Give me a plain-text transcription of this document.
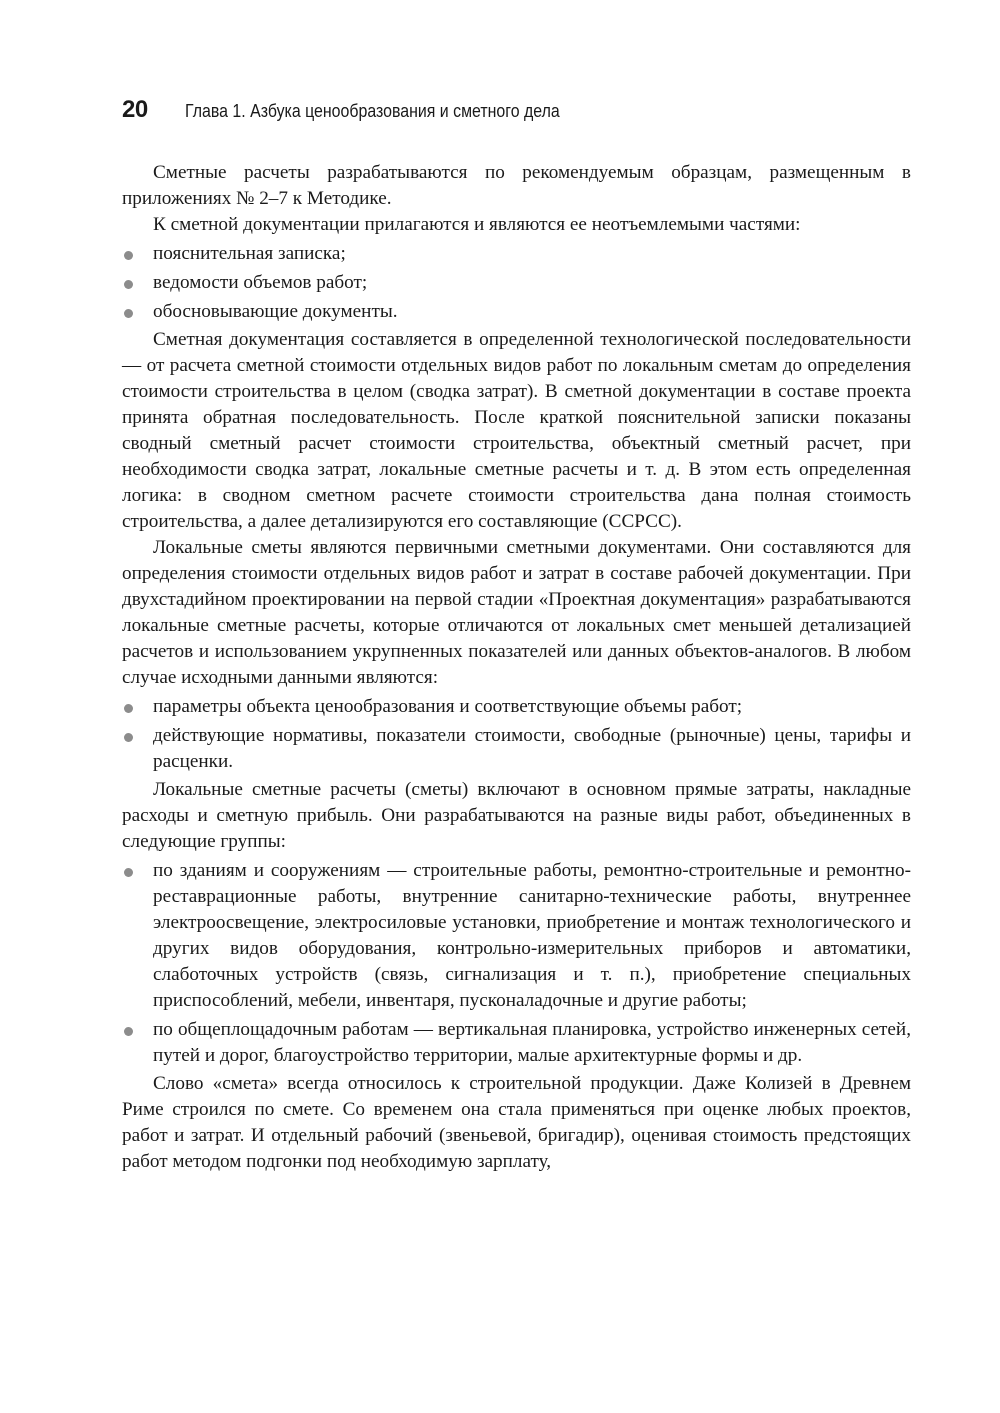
20 Глава 1. Азбука ценообразования и сметного дела

Сметные расчеты разрабатываются по рекомендуемым образцам, размещенным в приложениях № 2–7 к Методике.

К сметной документации прилагаются и являются ее неотъемлемыми частями:

пояснительная записка;
ведомости объемов работ;
обосновывающие документы.

Сметная документация составляется в определенной технологической последовательности — от расчета сметной стоимости отдельных видов работ по локальным сметам до определения стоимости строительства в целом (сводка затрат). В сметной документации в составе проекта принята обратная последовательность. После краткой пояснительной записки показаны сводный сметный расчет стоимости строительства, объектный сметный расчет, при необходимости сводка затрат, локальные сметные расчеты и т. д. В этом есть определенная логика: в сводном сметном расчете стоимости строительства дана полная стоимость строительства, а далее детализируются его составляющие (ССРСС).

Локальные сметы являются первичными сметными документами. Они составляются для определения стоимости отдельных видов работ и затрат в составе рабочей документации. При двухстадийном проектировании на первой стадии «Проектная документация» разрабатываются локальные сметные расчеты, которые отличаются от локальных смет меньшей детализацией расчетов и использованием укрупненных показателей или данных объектов-аналогов. В любом случае исходными данными являются:

параметры объекта ценообразования и соответствующие объемы работ;
действующие нормативы, показатели стоимости, свободные (рыночные) цены, тарифы и расценки.

Локальные сметные расчеты (сметы) включают в основном прямые затраты, накладные расходы и сметную прибыль. Они разрабатываются на разные виды работ, объединенных в следующие группы:

по зданиям и сооружениям — строительные работы, ремонтно-строительные и ремонтно-реставрационные работы, внутренние санитарно-технические работы, внутреннее электроосвещение, электросиловые установки, приобретение и монтаж технологического и других видов оборудования, контрольно-измерительных приборов и автоматики, слаботочных устройств (связь, сигнализация и т. п.), приобретение специальных приспособлений, мебели, инвентаря, пусконаладочные и другие работы;
по общеплощадочным работам — вертикальная планировка, устройство инженерных сетей, путей и дорог, благоустройство территории, малые архитектурные формы и др.

Слово «смета» всегда относилось к строительной продукции. Даже Колизей в Древнем Риме строился по смете. Со временем она стала применяться при оценке любых проектов, работ и затрат. И отдельный рабочий (звеньевой, бригадир), оценивая стоимость предстоящих работ методом подгонки под необходимую зарплату,
